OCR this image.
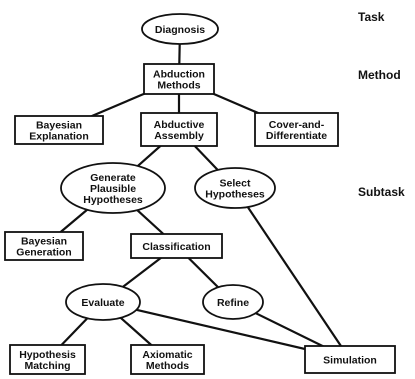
Diagnosis
Abduction
Methods
Bayesian
Explanation
Abductive
Assembly
Cover-and-
Differentiate
Generate
Plausible
Hypotheses
Select
Hypotheses
Bayesian
Generation	Classification
Evaluate	Refine
Hypothesis
Matching
Axiomatic
Methods	Simulation
Task
Method
Subtask
